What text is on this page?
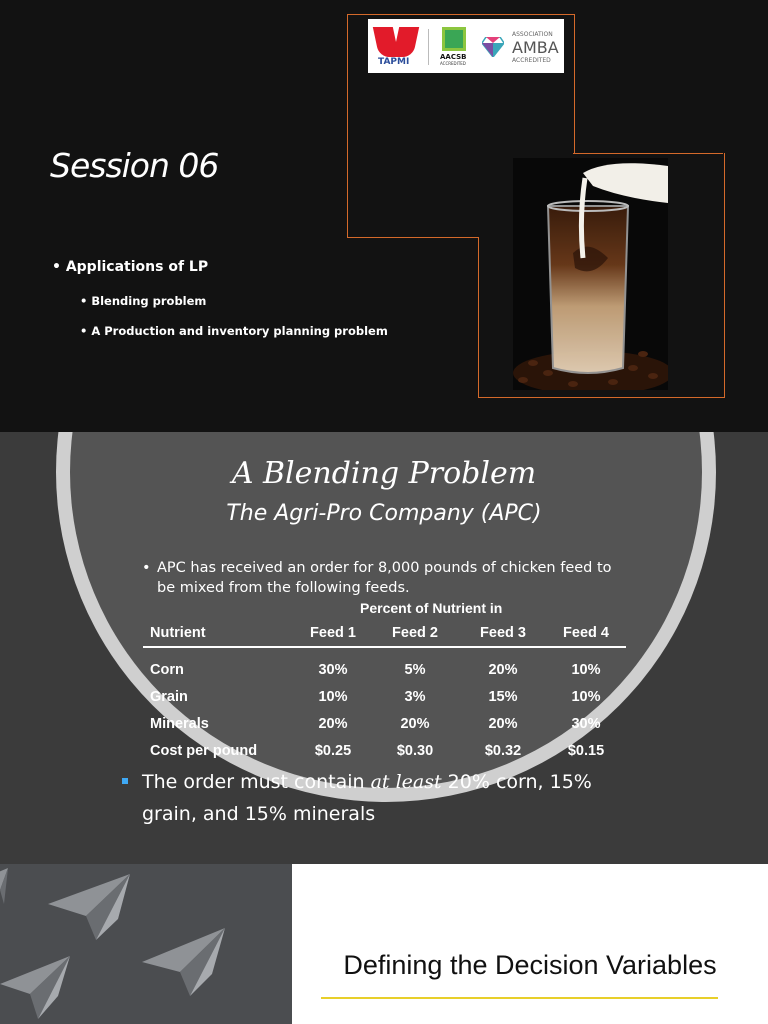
TAPMI	AACSB
ACCREDITED
ASSOCIATION
AMBA
ACCREDITED
Session 06
• Applications of LP
• Blending problem
• A Production and inventory planning problem
A Blending Problem
The Agri-Pro Company (APC)
• APC has received an order for 8,000 pounds of chicken feed to be mixed from the following feeds.
Percent of Nutrient in
Nutrient	Feed 1	Feed 2	Feed 3	Feed 4

Corn	30%	5%	20%	10%
Grain	10%	3%	15%	10%
Minerals	20%	20%	20%	30%
Cost per pound	$0.25	$0.30	$0.32	$0.15
The order must contain at least 20% corn, 15% grain, and 15% minerals
Defining the Decision Variables
